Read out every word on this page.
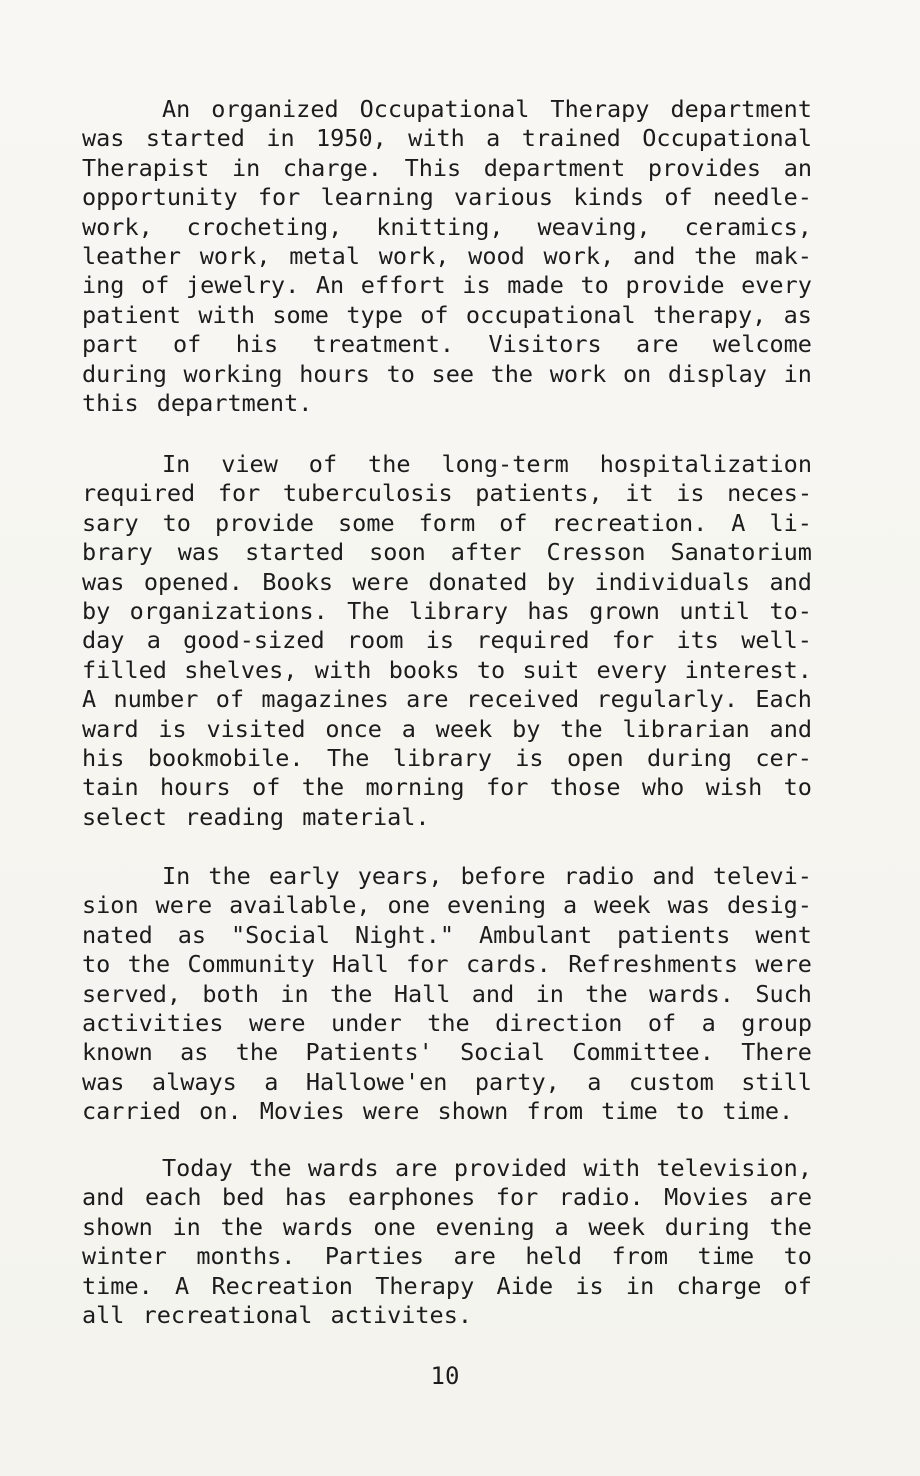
An organized Occupational Therapy department
was started in 1950, with a trained Occupational
Therapist in charge. This department provides an
opportunity for learning various kinds of needle-
work, crocheting, knitting, weaving, ceramics,
leather work, metal work, wood work, and the mak-
ing of jewelry. An effort is made to provide every
patient with some type of occupational therapy, as
part of his treatment. Visitors are welcome
during working hours to see the work on display in
this department.
In view of the long-term hospitalization
required for tuberculosis patients, it is neces-
sary to provide some form of recreation. A li-
brary was started soon after Cresson Sanatorium
was opened. Books were donated by individuals and
by organizations. The library has grown until to-
day a good-sized room is required for its well-
filled shelves, with books to suit every interest.
A number of magazines are received regularly. Each
ward is visited once a week by the librarian and
his bookmobile. The library is open during cer-
tain hours of the morning for those who wish to
select reading material.
In the early years, before radio and televi-
sion were available, one evening a week was desig-
nated as "Social Night." Ambulant patients went
to the Community Hall for cards. Refreshments were
served, both in the Hall and in the wards. Such
activities were under the direction of a group
known as the Patients' Social Committee. There
was always a Hallowe'en party, a custom still
carried on. Movies were shown from time to time.
Today the wards are provided with television,
and each bed has earphones for radio. Movies are
shown in the wards one evening a week during the
winter months. Parties are held from time to
time. A Recreation Therapy Aide is in charge of
all recreational activites.
10
